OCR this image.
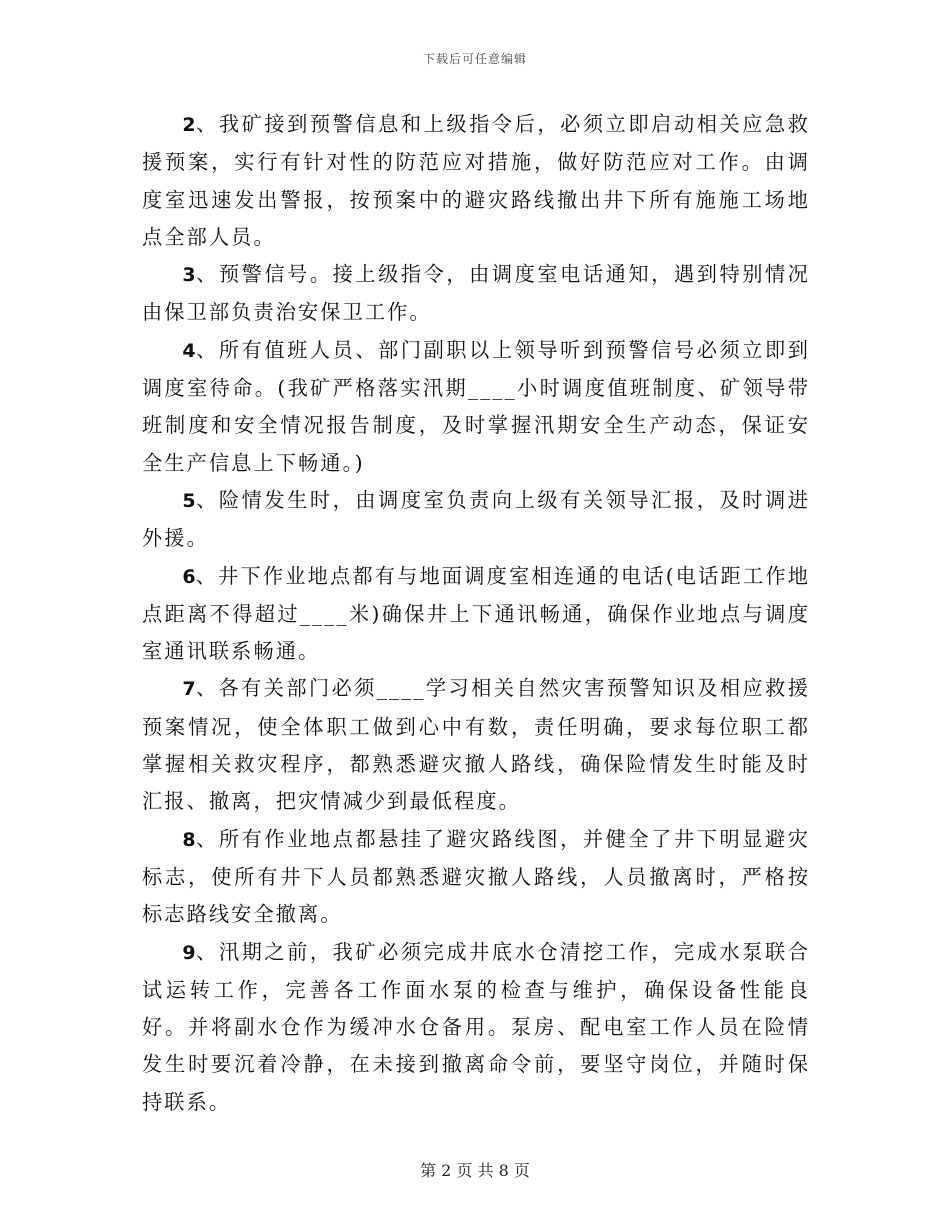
下载后可任意编辑

2、我矿接到预警信息和上级指令后，必须立即启动相关应急救援预案，实行有针对性的防范应对措施，做好防范应对工作。由调度室迅速发出警报，按预案中的避灾路线撤出井下所有施施工场地点全部人员。

3、预警信号。接上级指令，由调度室电话通知，遇到特别情况由保卫部负责治安保卫工作。

4、所有值班人员、部门副职以上领导听到预警信号必须立即到调度室待命。(我矿严格落实汛期____小时调度值班制度、矿领导带班制度和安全情况报告制度，及时掌握汛期安全生产动态，保证安全生产信息上下畅通。)

5、险情发生时，由调度室负责向上级有关领导汇报，及时调进外援。

6、井下作业地点都有与地面调度室相连通的电话(电话距工作地点距离不得超过____米)确保井上下通讯畅通，确保作业地点与调度室通讯联系畅通。

7、各有关部门必须____学习相关自然灾害预警知识及相应救援预案情况，使全体职工做到心中有数，责任明确，要求每位职工都掌握相关救灾程序，都熟悉避灾撤人路线，确保险情发生时能及时汇报、撤离，把灾情减少到最低程度。

8、所有作业地点都悬挂了避灾路线图，并健全了井下明显避灾标志，使所有井下人员都熟悉避灾撤人路线，人员撤离时，严格按标志路线安全撤离。

9、汛期之前，我矿必须完成井底水仓清挖工作，完成水泵联合试运转工作，完善各工作面水泵的检查与维护，确保设备性能良好。并将副水仓作为缓冲水仓备用。泵房、配电室工作人员在险情发生时要沉着冷静，在未接到撤离命令前，要坚守岗位，并随时保持联系。

第 2 页 共 8 页
